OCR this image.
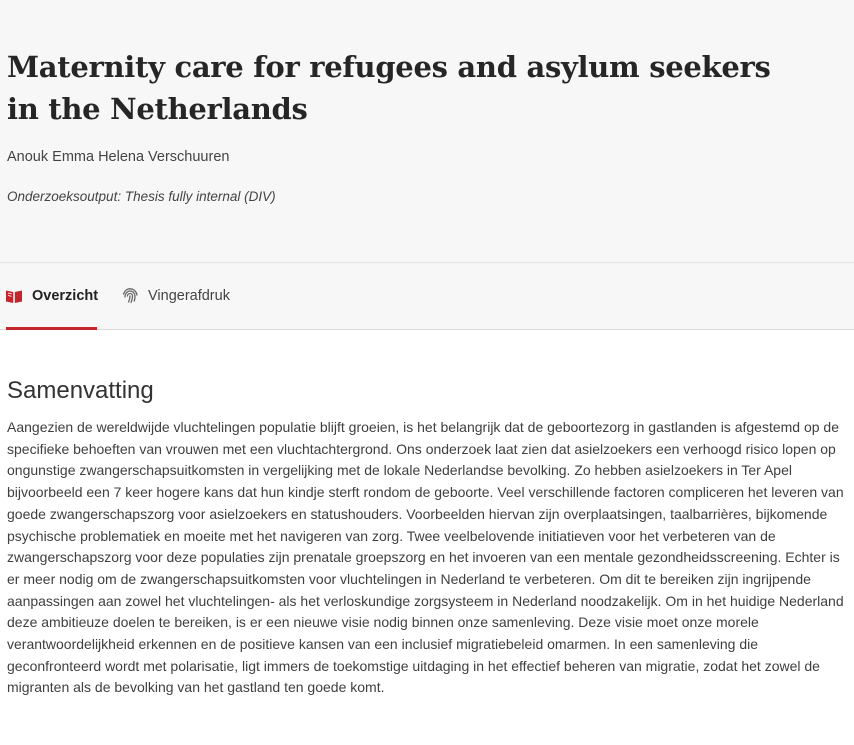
Maternity care for refugees and asylum seekers in the Netherlands

Anouk Emma Helena Verschuuren

Onderzoeksoutput: Thesis fully internal (DIV)

Overzicht	Vingerafdruk
Samenvatting

Aangezien de wereldwijde vluchtelingen populatie blijft groeien, is het belangrijk dat de geboortezorg in gastlanden is afgestemd op de specifieke behoeften van vrouwen met een vluchtachtergrond. Ons onderzoek laat zien dat asielzoekers een verhoogd risico lopen op ongunstige zwangerschapsuitkomsten in vergelijking met de lokale Nederlandse bevolking. Zo hebben asielzoekers in Ter Apel bijvoorbeeld een 7 keer hogere kans dat hun kindje sterft rondom de geboorte. Veel verschillende factoren compliceren het leveren van goede zwangerschapszorg voor asielzoekers en statushouders. Voorbeelden hiervan zijn overplaatsingen, taalbarrières, bijkomende psychische problematiek en moeite met het navigeren van zorg. Twee veelbelovende initiatieven voor het verbeteren van de zwangerschapszorg voor deze populaties zijn prenatale groepszorg en het invoeren van een mentale gezondheidsscreening. Echter is er meer nodig om de zwangerschapsuitkomsten voor vluchtelingen in Nederland te verbeteren. Om dit te bereiken zijn ingrijpende aanpassingen aan zowel het vluchtelingen- als het verloskundige zorgsysteem in Nederland noodzakelijk. Om in het huidige Nederland deze ambitieuze doelen te bereiken, is er een nieuwe visie nodig binnen onze samenleving. Deze visie moet onze morele verantwoordelijkheid erkennen en de positieve kansen van een inclusief migratiebeleid omarmen. In een samenleving die geconfronteerd wordt met polarisatie, ligt immers de toekomstige uitdaging in het effectief beheren van migratie, zodat het zowel de migranten als de bevolking van het gastland ten goede komt.
